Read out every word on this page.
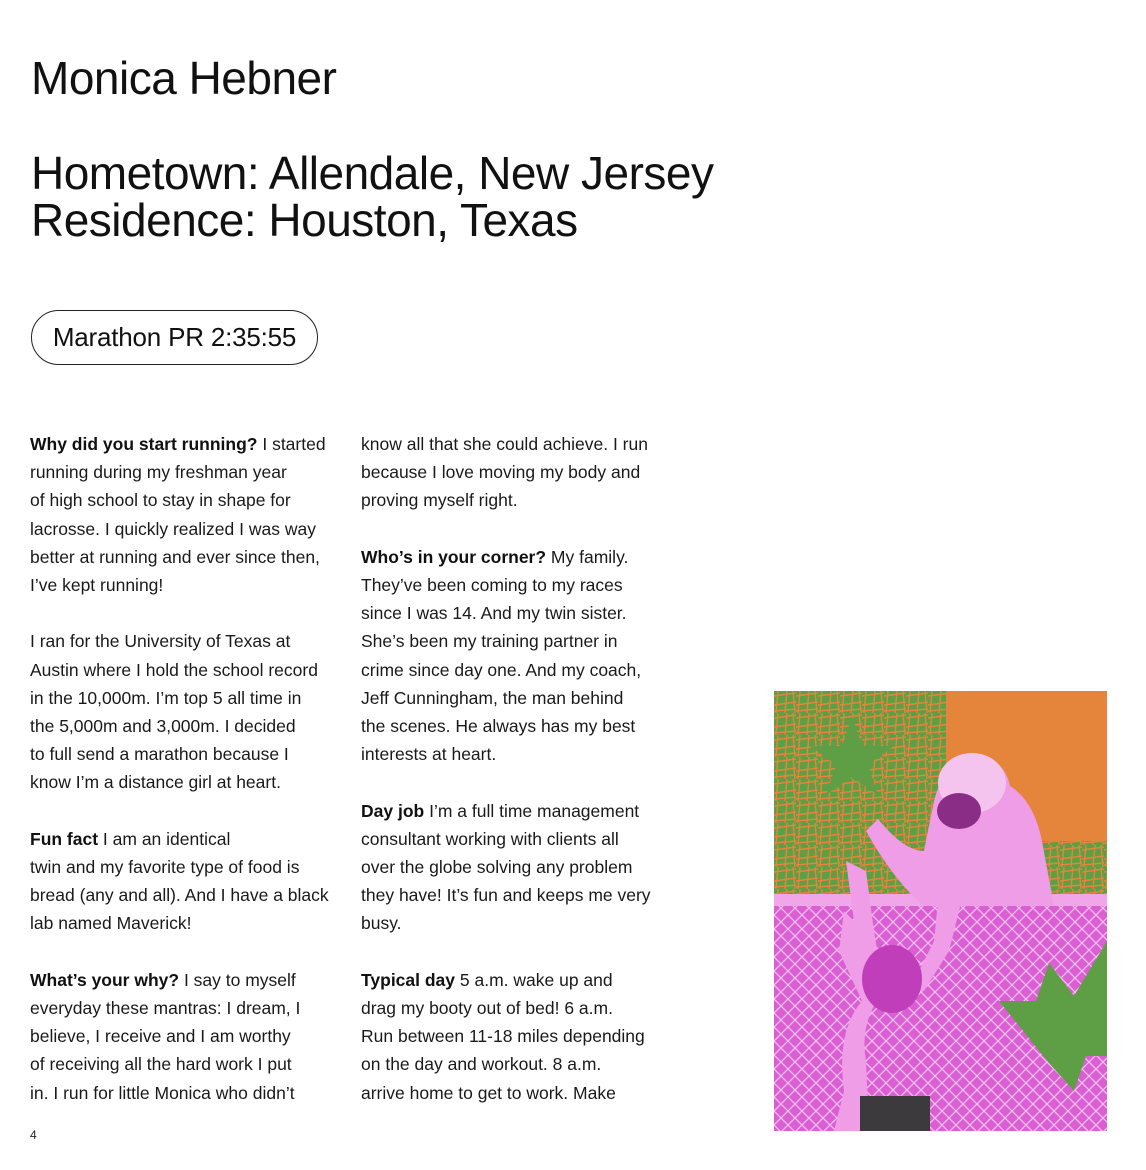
Monica Hebner
Hometown: Allendale, New Jersey
Residence: Houston, Texas
Marathon PR 2:35:55

Why did you start running? I started
running during my freshman year
of high school to stay in shape for
lacrosse. I quickly realized I was way
better at running and ever since then,
I’ve kept running!

I ran for the University of Texas at
Austin where I hold the school record
in the 10,000m. I’m top 5 all time in
the 5,000m and 3,000m. I decided
to full send a marathon because I
know I’m a distance girl at heart.

Fun fact I am an identical
twin and my favorite type of food is
bread (any and all). And I have a black
lab named Maverick!

What’s your why? I say to myself
everyday these mantras: I dream, I
believe, I receive and I am worthy
of receiving all the hard work I put
in. I run for little Monica who didn’t

know all that she could achieve. I run
because I love moving my body and
proving myself right.

Who’s in your corner? My family.
They’ve been coming to my races
since I was 14. And my twin sister.
She’s been my training partner in
crime since day one. And my coach,
Jeff Cunningham, the man behind
the scenes. He always has my best
interests at heart.

Day job I’m a full time management
consultant working with clients all
over the globe solving any problem
they have! It’s fun and keeps me very
busy.

Typical day 5 a.m. wake up and
drag my booty out of bed! 6 a.m.
Run between 11-18 miles depending
on the day and workout. 8 a.m.
arrive home to get to work. Make

4
